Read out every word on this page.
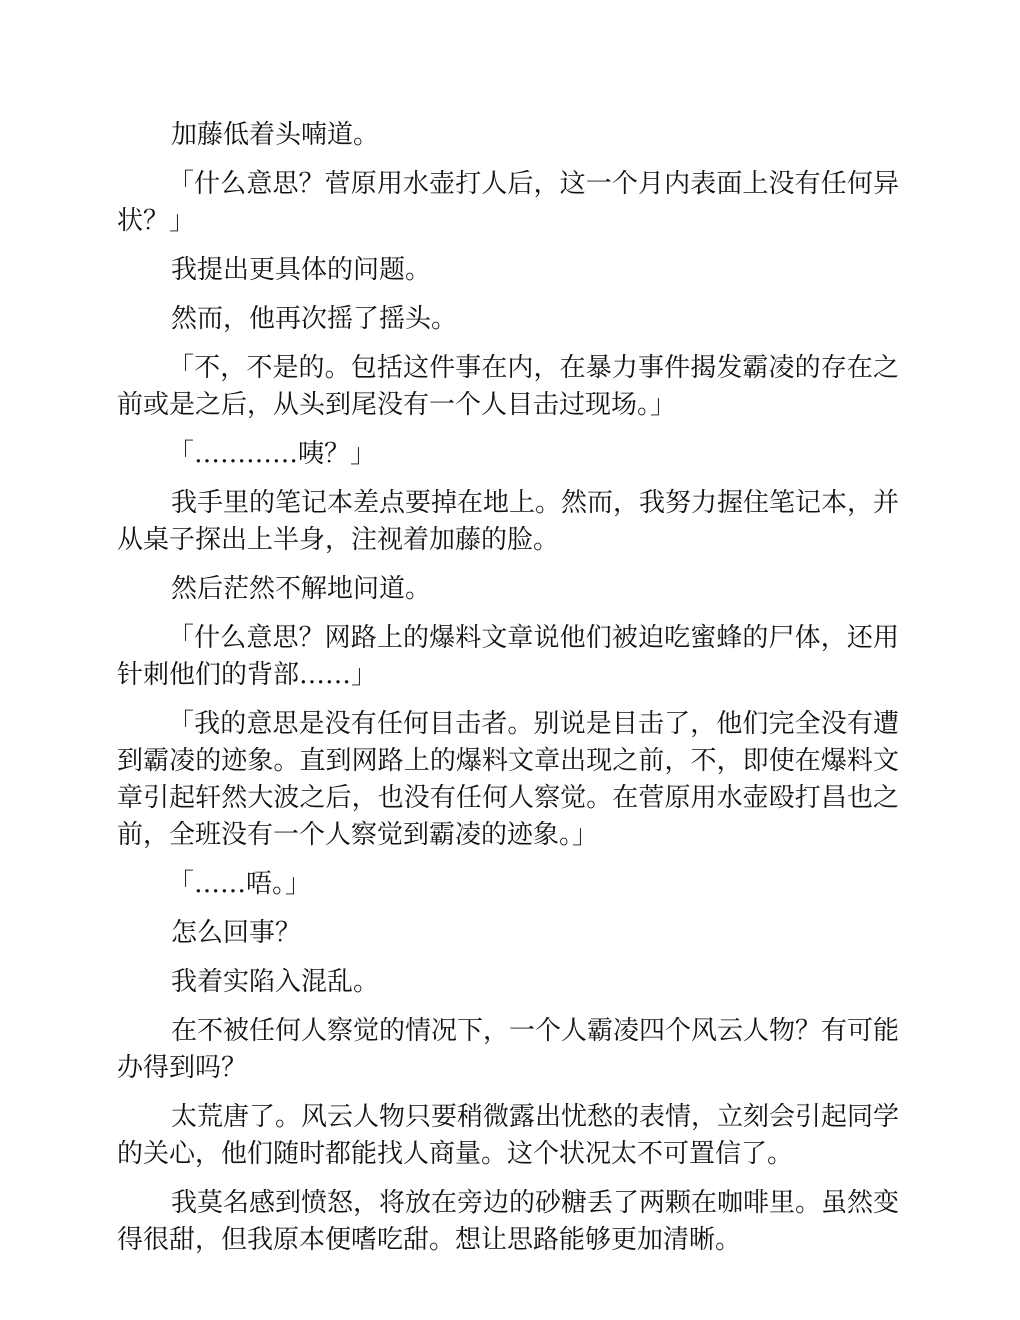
加藤低着头喃道。

「什么意思？菅原用水壶打人后，这一个月内表面上没有任何异状？」

我提出更具体的问题。

然而，他再次摇了摇头。

「不，不是的。包括这件事在内，在暴力事件揭发霸凌的存在之前或是之后，从头到尾没有一个人目击过现场。」

「…………咦？」

我手里的笔记本差点要掉在地上。然而，我努力握住笔记本，并从桌子探出上半身，注视着加藤的脸。

然后茫然不解地问道。

「什么意思？网路上的爆料文章说他们被迫吃蜜蜂的尸体，还用针刺他们的背部……」

「我的意思是没有任何目击者。别说是目击了，他们完全没有遭到霸凌的迹象。直到网路上的爆料文章出现之前，不，即使在爆料文章引起轩然大波之后，也没有任何人察觉。在菅原用水壶殴打昌也之前，全班没有一个人察觉到霸凌的迹象。」

「……唔。」

怎么回事？

我着实陷入混乱。

在不被任何人察觉的情况下，一个人霸凌四个风云人物？有可能办得到吗？

太荒唐了。风云人物只要稍微露出忧愁的表情，立刻会引起同学的关心，他们随时都能找人商量。这个状况太不可置信了。

我莫名感到愤怒，将放在旁边的砂糖丢了两颗在咖啡里。虽然变得很甜，但我原本便嗜吃甜。想让思路能够更加清晰。
